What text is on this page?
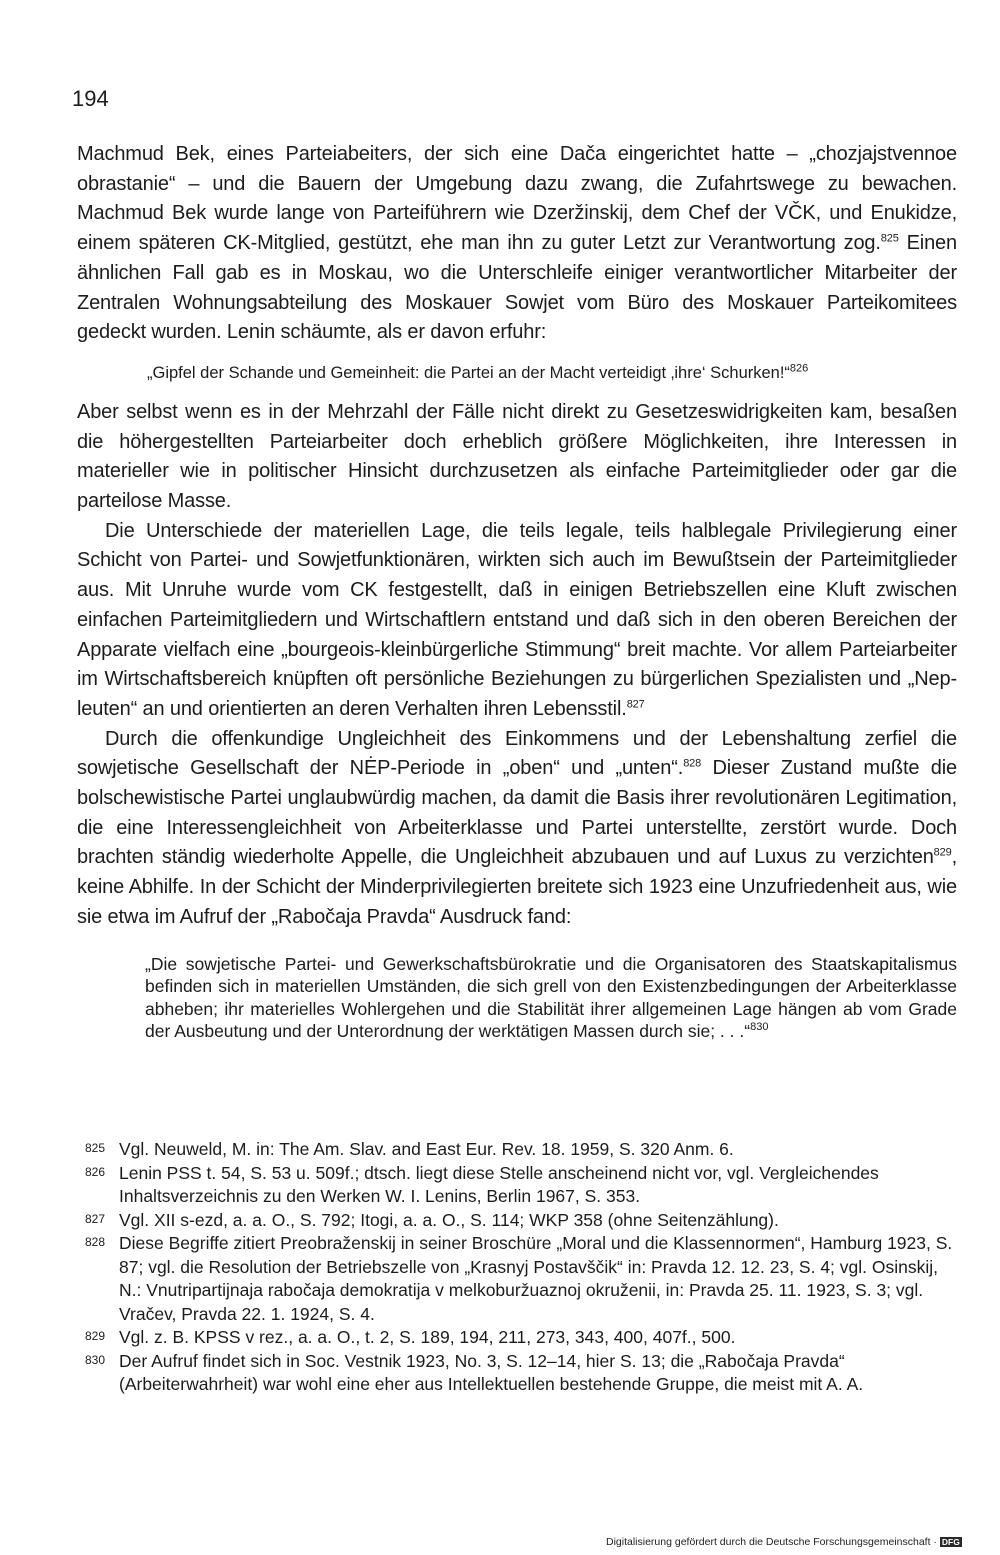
194

Machmud Bek, eines Parteiabeiters, der sich eine Dača eingerichtet hatte – „chozjajstvennoe obrastanie“ – und die Bauern der Umgebung dazu zwang, die Zufahrtswege zu bewachen. Machmud Bek wurde lange von Parteiführern wie Dzeržinskij, dem Chef der VČK, und Enukidze, einem späteren CK-Mitglied, gestützt, ehe man ihn zu guter Letzt zur Verantwortung zog.$^{825}$ Einen ähnlichen Fall gab es in Moskau, wo die Unterschleife einiger verantwortlicher Mitarbeiter der Zentralen Wohnungsabteilung des Moskauer Sowjet vom Büro des Moskauer Parteikomitees gedeckt wurden. Lenin schäumte, als er davon erfuhr:

„Gipfel der Schande und Gemeinheit: die Partei an der Macht verteidigt ‚ihre‘ Schurken!“$^{826}$

Aber selbst wenn es in der Mehrzahl der Fälle nicht direkt zu Gesetzeswidrigkeiten kam, besaßen die höhergestellten Parteiarbeiter doch erheblich größere Möglichkeiten, ihre Interessen in materieller wie in politischer Hinsicht durchzusetzen als einfache Parteimitglieder oder gar die parteilose Masse.

Die Unterschiede der materiellen Lage, die teils legale, teils halblegale Privilegierung einer Schicht von Partei- und Sowjetfunktionären, wirkten sich auch im Bewußtsein der Parteimitglieder aus. Mit Unruhe wurde vom CK festgestellt, daß in einigen Betriebszellen eine Kluft zwischen einfachen Parteimitgliedern und Wirtschaftlern entstand und daß sich in den oberen Bereichen der Apparate vielfach eine „bourgeois-kleinbürgerliche Stimmung“ breit machte. Vor allem Parteiarbeiter im Wirtschaftsbereich knüpften oft persönliche Beziehungen zu bürgerlichen Spezialisten und „Nep-leuten“ an und orientierten an deren Verhalten ihren Lebensstil.$^{827}$

Durch die offenkundige Ungleichheit des Einkommens und der Lebenshaltung zerfiel die sowjetische Gesellschaft der NĖP-Periode in „oben“ und „unten“.$^{828}$ Dieser Zustand mußte die bolschewistische Partei unglaubwürdig machen, da damit die Basis ihrer revolutionären Legitimation, die eine Interessengleichheit von Arbeiterklasse und Partei unterstellte, zerstört wurde. Doch brachten ständig wiederholte Appelle, die Ungleichheit abzubauen und auf Luxus zu verzichten$^{829}$, keine Abhilfe. In der Schicht der Minderprivilegierten breitete sich 1923 eine Unzufriedenheit aus, wie sie etwa im Aufruf der „Rabočaja Pravda“ Ausdruck fand:

„Die sowjetische Partei- und Gewerkschaftsbürokratie und die Organisatoren des Staatskapitalismus befinden sich in materiellen Umständen, die sich grell von den Existenzbedingungen der Arbeiterklasse abheben; ihr materielles Wohlergehen und die Stabilität ihrer allgemeinen Lage hängen ab vom Grade der Ausbeutung und der Unterordnung der werktätigen Massen durch sie; . . .“$^{830}$

825 Vgl. Neuweld, M. in: The Am. Slav. and East Eur. Rev. 18. 1959, S. 320 Anm. 6.
826 Lenin PSS t. 54, S. 53 u. 509f.; dtsch. liegt diese Stelle anscheinend nicht vor, vgl. Vergleichendes Inhaltsverzeichnis zu den Werken W. I. Lenins, Berlin 1967, S. 353.
827 Vgl. XII s-ezd, a. a. O., S. 792; Itogi, a. a. O., S. 114; WKP 358 (ohne Seitenzählung).
828 Diese Begriffe zitiert Preobraženskij in seiner Broschüre „Moral und die Klassennormen“, Hamburg 1923, S. 87; vgl. die Resolution der Betriebszelle von „Krasnyj Postavščik“ in: Pravda 12. 12. 23, S. 4; vgl. Osinskij, N.: Vnutripartijnaja rabočaja demokratija v melkoburžuaznoj okruženii, in: Pravda 25. 11. 1923, S. 3; vgl. Vračev, Pravda 22. 1. 1924, S. 4.
829 Vgl. z. B. KPSS v rez., a. a. O., t. 2, S. 189, 194, 211, 273, 343, 400, 407f., 500.
830 Der Aufruf findet sich in Soc. Vestnik 1923, No. 3, S. 12–14, hier S. 13; die „Rabočaja Pravda“ (Arbeiterwahrheit) war wohl eine eher aus Intellektuellen bestehende Gruppe, die meist mit A. A.
Digitalisierung gefördert durch die Deutsche Forschungsgemeinschaft · DFG
